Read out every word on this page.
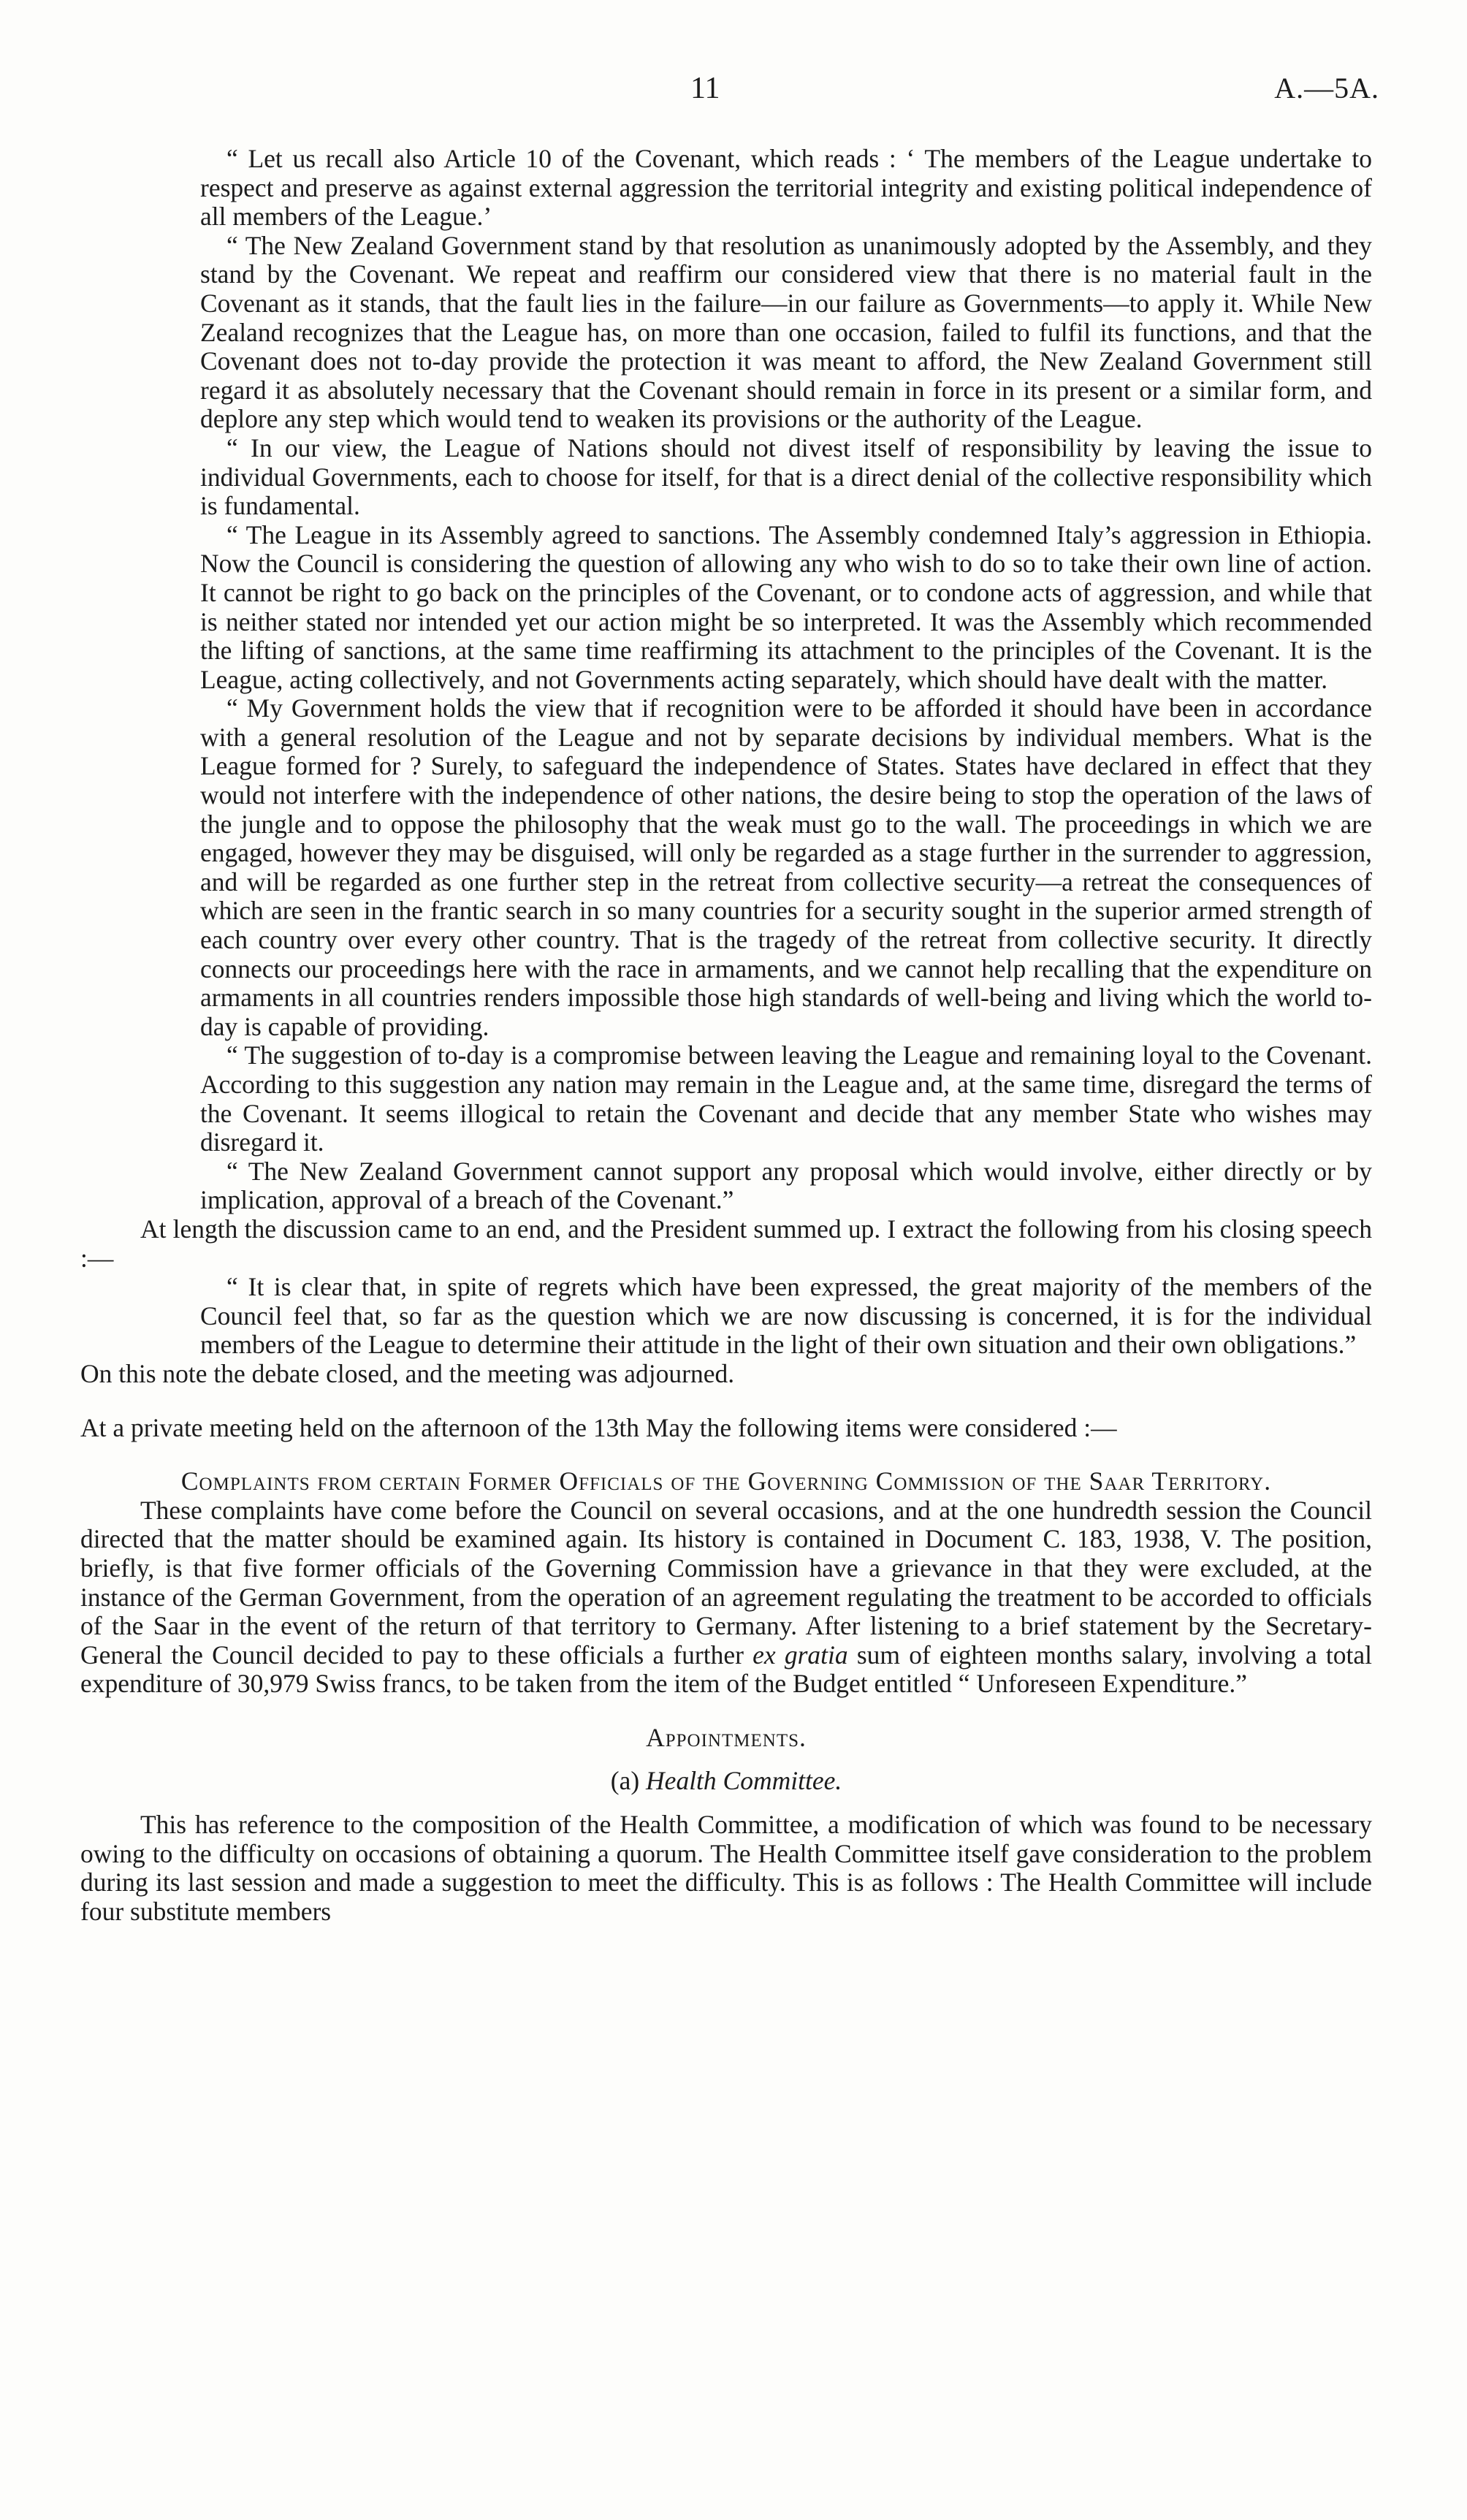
11	A.—5A.

“ Let us recall also Article 10 of the Covenant, which reads : ‘ The members of the League undertake to respect and preserve as against external aggression the territorial integrity and existing political independence of all members of the League.’

“ The New Zealand Government stand by that resolution as unanimously adopted by the Assembly, and they stand by the Covenant. We repeat and reaffirm our considered view that there is no material fault in the Covenant as it stands, that the fault lies in the failure—in our failure as Governments—to apply it. While New Zealand recognizes that the League has, on more than one occasion, failed to fulfil its functions, and that the Covenant does not to-day provide the protection it was meant to afford, the New Zealand Government still regard it as absolutely necessary that the Covenant should remain in force in its present or a similar form, and deplore any step which would tend to weaken its provisions or the authority of the League.

“ In our view, the League of Nations should not divest itself of responsibility by leaving the issue to individual Governments, each to choose for itself, for that is a direct denial of the collective responsibility which is fundamental.

“ The League in its Assembly agreed to sanctions. The Assembly condemned Italy’s aggression in Ethiopia. Now the Council is considering the question of allowing any who wish to do so to take their own line of action. It cannot be right to go back on the principles of the Covenant, or to condone acts of aggression, and while that is neither stated nor intended yet our action might be so interpreted. It was the Assembly which recommended the lifting of sanctions, at the same time reaffirming its attachment to the principles of the Covenant. It is the League, acting collectively, and not Governments acting separately, which should have dealt with the matter.

“ My Government holds the view that if recognition were to be afforded it should have been in accordance with a general resolution of the League and not by separate decisions by individual members. What is the League formed for ? Surely, to safeguard the independence of States. States have declared in effect that they would not interfere with the independence of other nations, the desire being to stop the operation of the laws of the jungle and to oppose the philosophy that the weak must go to the wall. The proceedings in which we are engaged, however they may be disguised, will only be regarded as a stage further in the surrender to aggression, and will be regarded as one further step in the retreat from collective security—a retreat the consequences of which are seen in the frantic search in so many countries for a security sought in the superior armed strength of each country over every other country. That is the tragedy of the retreat from collective security. It directly connects our proceedings here with the race in armaments, and we cannot help recalling that the expenditure on armaments in all countries renders impossible those high standards of well-being and living which the world to-day is capable of providing.

“ The suggestion of to-day is a compromise between leaving the League and remaining loyal to the Covenant. According to this suggestion any nation may remain in the League and, at the same time, disregard the terms of the Covenant. It seems illogical to retain the Covenant and decide that any member State who wishes may disregard it.

“ The New Zealand Government cannot support any proposal which would involve, either directly or by implication, approval of a breach of the Covenant.”

At length the discussion came to an end, and the President summed up. I extract the following from his closing speech :—

“ It is clear that, in spite of regrets which have been expressed, the great majority of the members of the Council feel that, so far as the question which we are now discussing is concerned, it is for the individual members of the League to determine their attitude in the light of their own situation and their own obligations.”

On this note the debate closed, and the meeting was adjourned.

At a private meeting held on the afternoon of the 13th May the following items were considered :—

Complaints from certain Former Officials of the Governing Commission of the Saar Territory.

These complaints have come before the Council on several occasions, and at the one hundredth session the Council directed that the matter should be examined again. Its history is contained in Document C. 183, 1938, V. The position, briefly, is that five former officials of the Governing Commission have a grievance in that they were excluded, at the instance of the German Government, from the operation of an agreement regulating the treatment to be accorded to officials of the Saar in the event of the return of that territory to Germany. After listening to a brief statement by the Secretary-General the Council decided to pay to these officials a further ex gratia sum of eighteen months salary, involving a total expenditure of 30,979 Swiss francs, to be taken from the item of the Budget entitled “ Unforeseen Expenditure.”

Appointments.

(a) Health Committee.

This has reference to the composition of the Health Committee, a modification of which was found to be necessary owing to the difficulty on occasions of obtaining a quorum. The Health Committee itself gave consideration to the problem during its last session and made a suggestion to meet the difficulty. This is as follows : The Health Committee will include four substitute members
